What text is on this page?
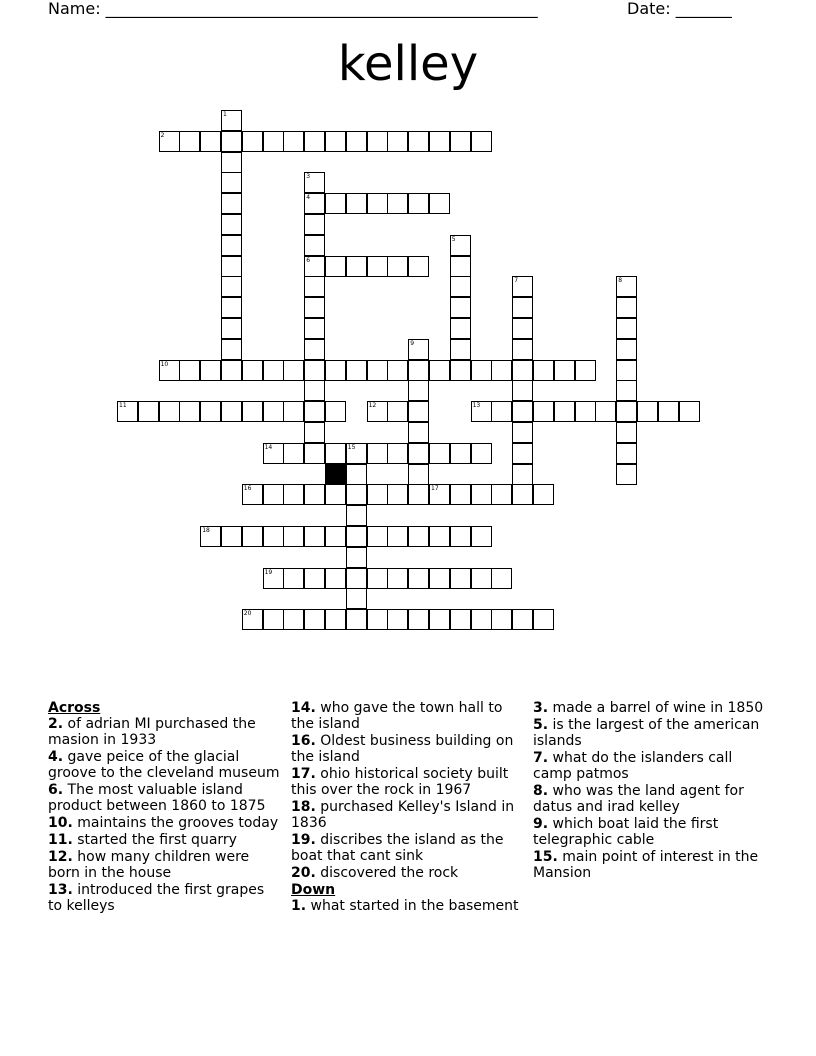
Name: ______________________________________________________	Date: _______
kelley
1
2
3
4
6
5
7	8
9
10
11	12	13
14	15
16	17
18
19
20
Across
2. of adrian MI purchased the masion in 1933
4. gave peice of the glacial groove to the cleveland museum
6. The most valuable island product between 1860 to 1875
10. maintains the grooves today
11. started the first quarry
12. how many children were born in the house
13. introduced the first grapes to kelleys
14. who gave the town hall to the island
16. Oldest business building on the island
17. ohio historical society built this over the rock in 1967
18. purchased Kelley's Island in 1836
19. discribes the island as the boat that cant sink
20. discovered the rock
Down
1. what started in the basement
3. made a barrel of wine in 1850
5. is the largest of the american islands
7. what do the islanders call camp patmos
8. who was the land agent for datus and irad kelley
9. which boat laid the first telegraphic cable
15. main point of interest in the Mansion
